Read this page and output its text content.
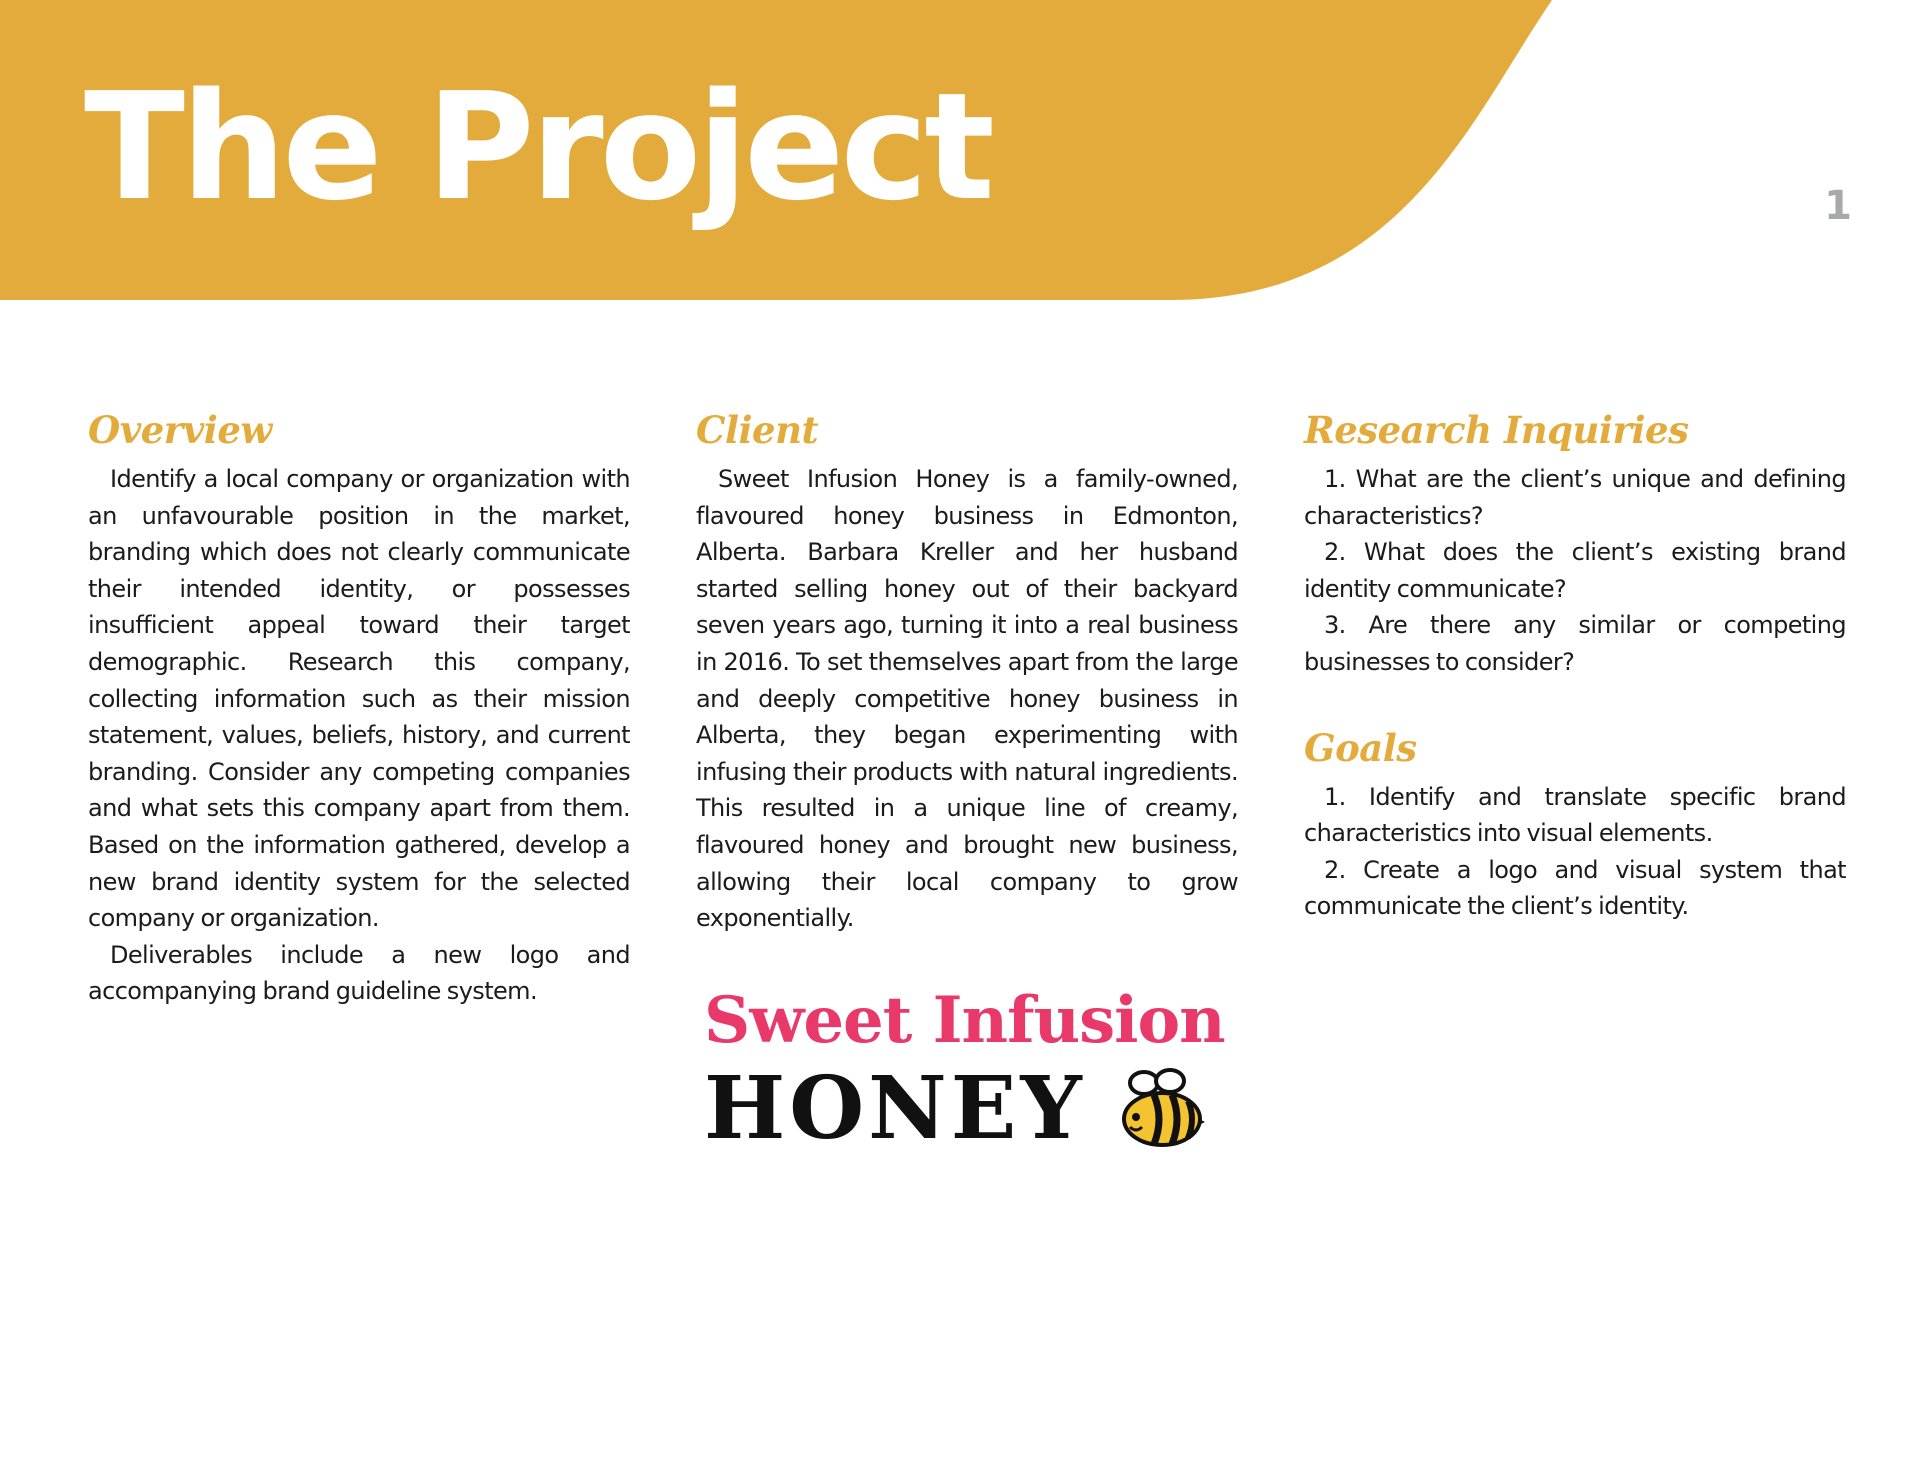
The Project	1
Overview

Identify a local company or organization with an unfavourable position in the market, branding which does not clearly communicate their intended identity, or possesses insufficient appeal toward their target demographic. Research this company, collecting information such as their mission statement, values, beliefs, history, and current branding. Consider any competing companies and what sets this company apart from them. Based on the information gathered, develop a new brand identity system for the selected company or organization.

Deliverables include a new logo and accompanying brand guideline system.

Client

Sweet Infusion Honey is a family-owned, flavoured honey business in Edmonton, Alberta. Barbara Kreller and her husband started selling honey out of their backyard seven years ago, turning it into a real business in 2016. To set themselves apart from the large and deeply competitive honey business in Alberta, they began experimenting with infusing their products with natural ingredients. This resulted in a unique line of creamy, flavoured honey and brought new business, allowing their local company to grow exponentially.

Sweet Infusion
HONEY
Research Inquiries

1. What are the client’s unique and defining characteristics?

2. What does the client’s existing brand identity communicate?

3. Are there any similar or competing businesses to consider?

Goals

1. Identify and translate specific brand characteristics into visual elements.

2. Create a logo and visual system that communicate the client’s identity.
